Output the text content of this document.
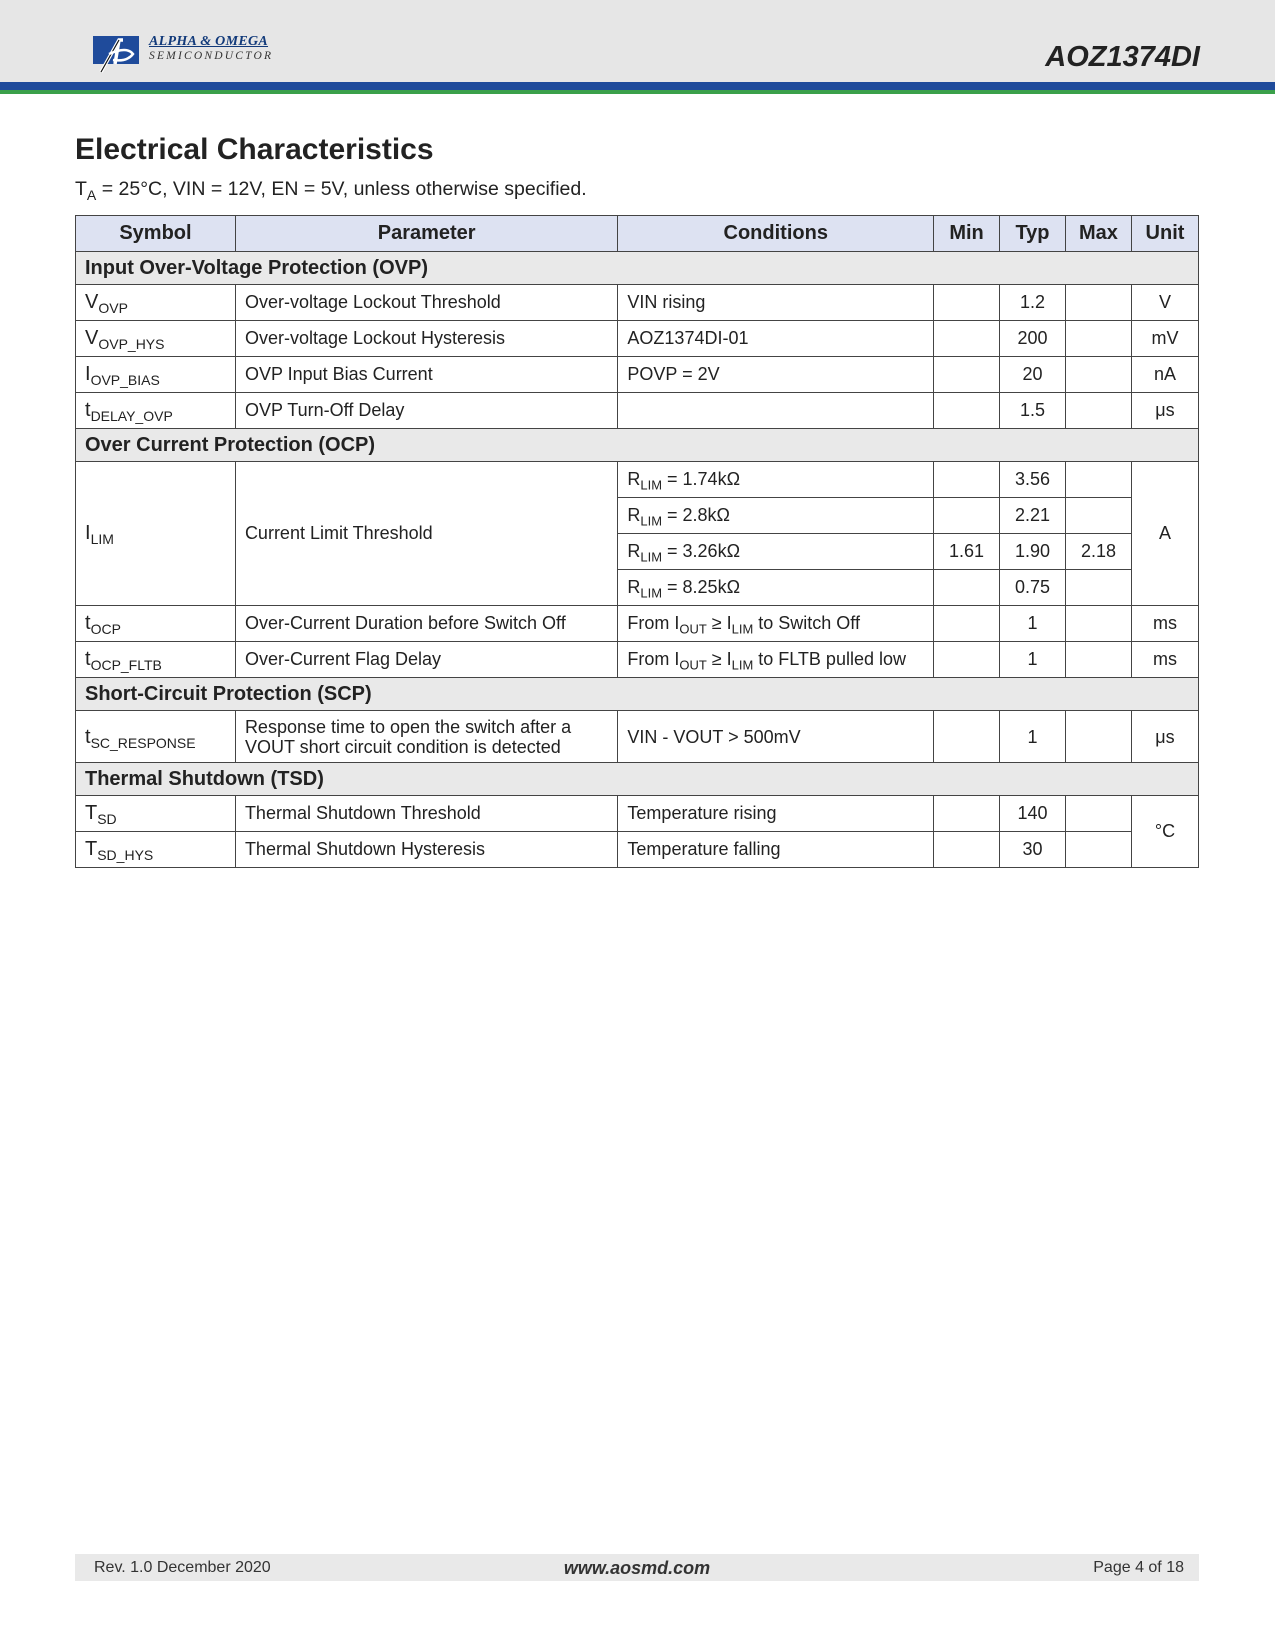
ALPHA & OMEGA
SEMICONDUCTOR	AOZ1374DI
Electrical Characteristics
$T_A = 25^\circ C$, VIN = 12V, EN = 5V, unless otherwise specified.
Symbol	Parameter	Conditions	Min	Typ	Max	Unit
Input Over-Voltage Protection (OVP)						
$V_{OVP}$	Over-voltage Lockout Threshold	VIN rising		1.2		V
$V_{OVP\_HYS}$	Over-voltage Lockout Hysteresis	AOZ1374DI-01		200		mV
$I_{OVP\_BIAS}$	OVP Input Bias Current	POVP = 2V		20		nA
$t_{DELAY\_OVP}$	OVP Turn-Off Delay			1.5		μs
Over Current Protection (OCP)						
$I_{LIM}$	Current Limit Threshold	$R_{LIM} = 1.74k\Omega$		3.56		A
		$R_{LIM} = 2.8k\Omega$		2.21		
		$R_{LIM} = 3.26k\Omega$	1.61	1.90	2.18	
		$R_{LIM} = 8.25k\Omega$		0.75		
$t_{OCP}$	Over-Current Duration before Switch Off	From $I_{OUT} \ge I_{LIM}$ to Switch Off		1		ms
$t_{OCP\_FLTB}$	Over-Current Flag Delay	From $I_{OUT} \ge I_{LIM}$ to FLTB pulled low		1		ms
Short-Circuit Protection (SCP)						
$t_{SC\_RESPONSE}$	Response time to open the switch after a
VOUT short circuit condition is detected	VIN - VOUT > 500mV		1		μs
Thermal Shutdown (TSD)						
$T_{SD}$	Thermal Shutdown Threshold	Temperature rising		140		°C
$T_{SD\_HYS}$	Thermal Shutdown Hysteresis	Temperature falling		30		
Rev. 1.0 December 2020	www.aosmd.com	Page 4 of 18
